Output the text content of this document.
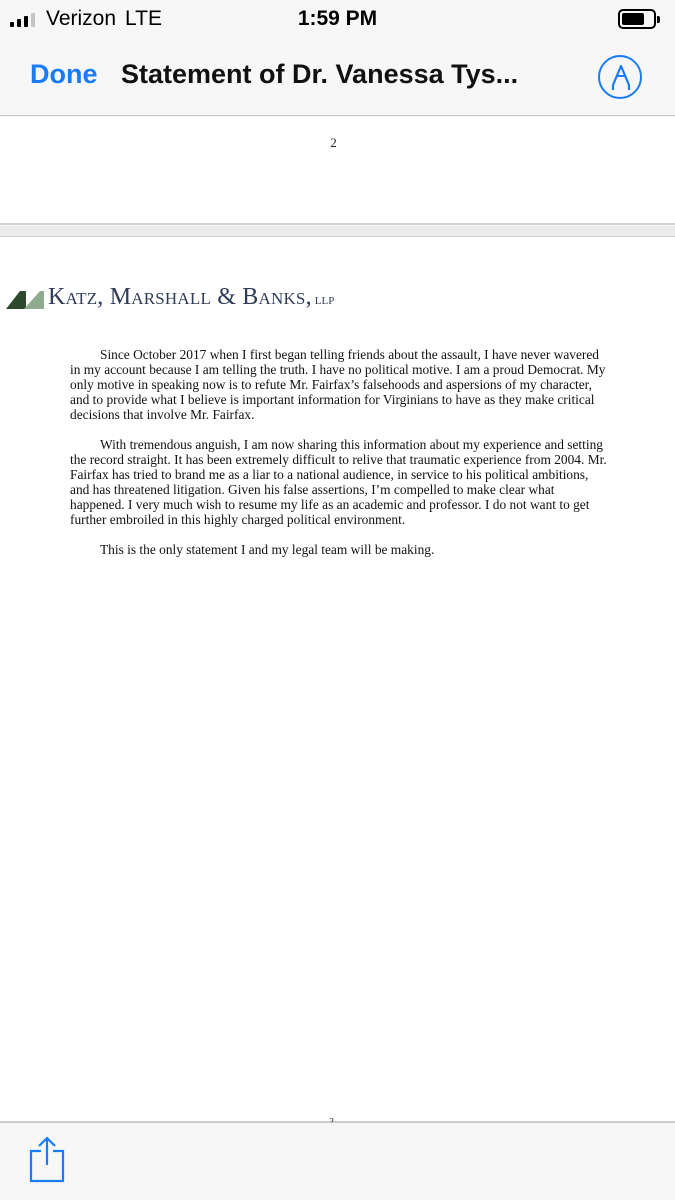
Verizon LTE	1:59 PM
Done Statement of Dr. Vanessa Tys...
2
Katz, Marshall & Banks, LLP

Since October 2017 when I first began telling friends about the assault, I have never wavered in my account because I am telling the truth. I have no political motive. I am a proud Democrat. My only motive in speaking now is to refute Mr. Fairfax’s falsehoods and aspersions of my character, and to provide what I believe is important information for Virginians to have as they make critical decisions that involve Mr. Fairfax.

With tremendous anguish, I am now sharing this information about my experience and setting the record straight. It has been extremely difficult to relive that traumatic experience from 2004. Mr. Fairfax has tried to brand me as a liar to a national audience, in service to his political ambitions, and has threatened litigation. Given his false assertions, I’m compelled to make clear what happened. I very much wish to resume my life as an academic and professor. I do not want to get further embroiled in this highly charged political environment.

This is the only statement I and my legal team will be making.
